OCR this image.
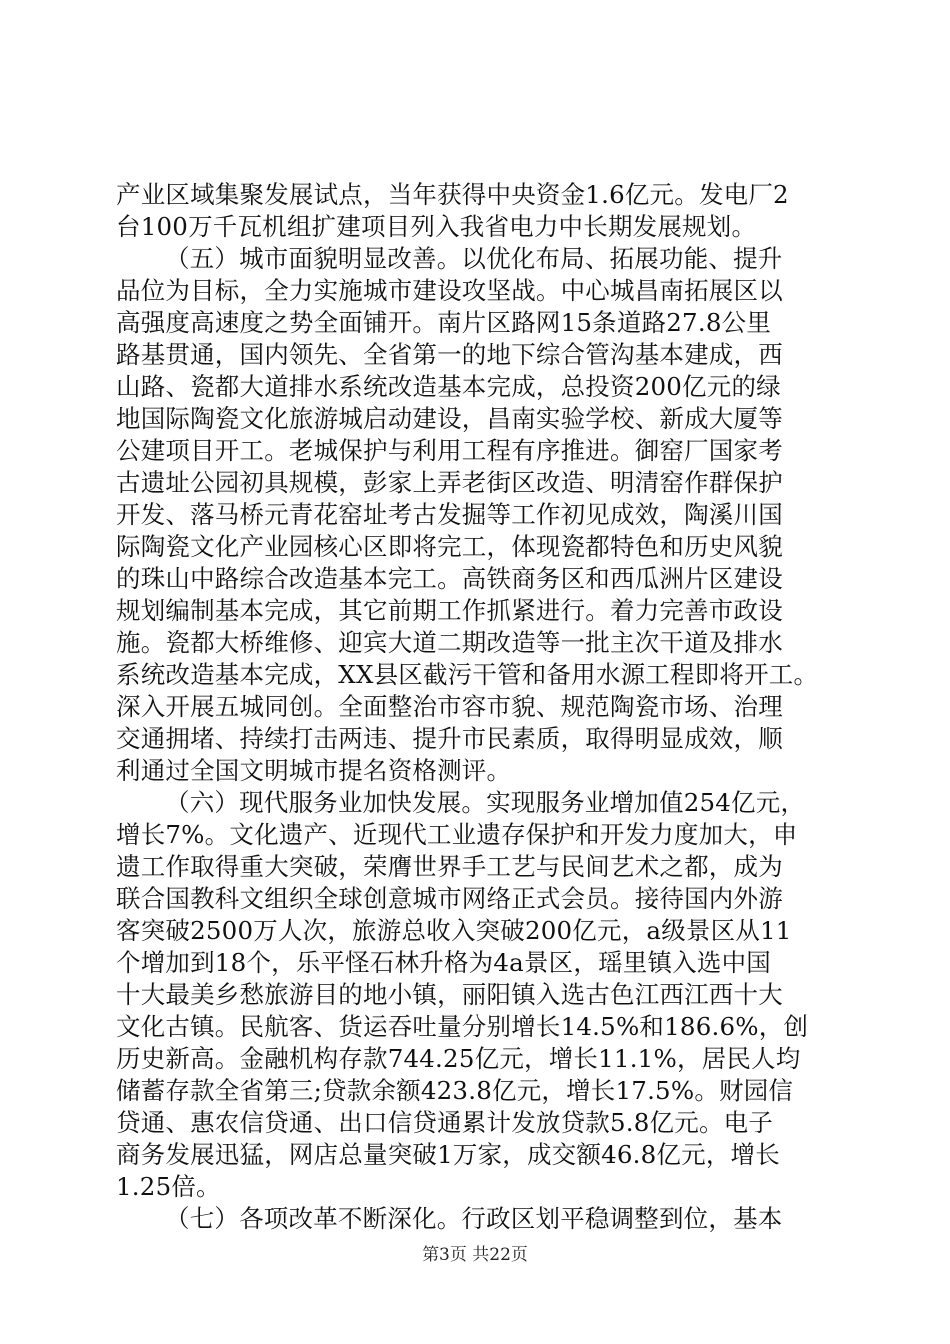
产业区域集聚发展试点，当年获得中央资金1.6亿元。发电厂2
台100万千瓦机组扩建项目列入我省电力中长期发展规划。
（五）城市面貌明显改善。以优化布局、拓展功能、提升
品位为目标，全力实施城市建设攻坚战。中心城昌南拓展区以
高强度高速度之势全面铺开。南片区路网15条道路27.8公里
路基贯通，国内领先、全省第一的地下综合管沟基本建成，西
山路、瓷都大道排水系统改造基本完成，总投资200亿元的绿
地国际陶瓷文化旅游城启动建设，昌南实验学校、新成大厦等
公建项目开工。老城保护与利用工程有序推进。御窑厂国家考
古遗址公园初具规模，彭家上弄老街区改造、明清窑作群保护
开发、落马桥元青花窑址考古发掘等工作初见成效，陶溪川国
际陶瓷文化产业园核心区即将完工，体现瓷都特色和历史风貌
的珠山中路综合改造基本完工。高铁商务区和西瓜洲片区建设
规划编制基本完成，其它前期工作抓紧进行。着力完善市政设
施。瓷都大桥维修、迎宾大道二期改造等一批主次干道及排水
系统改造基本完成，XX县区截污干管和备用水源工程即将开工。
深入开展五城同创。全面整治市容市貌、规范陶瓷市场、治理
交通拥堵、持续打击两违、提升市民素质，取得明显成效，顺
利通过全国文明城市提名资格测评。
（六）现代服务业加快发展。实现服务业增加值254亿元，
增长7%。文化遗产、近现代工业遗存保护和开发力度加大，申
遗工作取得重大突破，荣膺世界手工艺与民间艺术之都，成为
联合国教科文组织全球创意城市网络正式会员。接待国内外游
客突破2500万人次，旅游总收入突破200亿元，a级景区从11
个增加到18个，乐平怪石林升格为4a景区，瑶里镇入选中国
十大最美乡愁旅游目的地小镇，丽阳镇入选古色江西江西十大
文化古镇。民航客、货运吞吐量分别增长14.5%和186.6%，创
历史新高。金融机构存款744.25亿元，增长11.1%，居民人均
储蓄存款全省第三;贷款余额423.8亿元，增长17.5%。财园信
贷通、惠农信贷通、出口信贷通累计发放贷款5.8亿元。电子
商务发展迅猛，网店总量突破1万家，成交额46.8亿元，增长
1.25倍。
（七）各项改革不断深化。行政区划平稳调整到位，基本
第3页 共22页
